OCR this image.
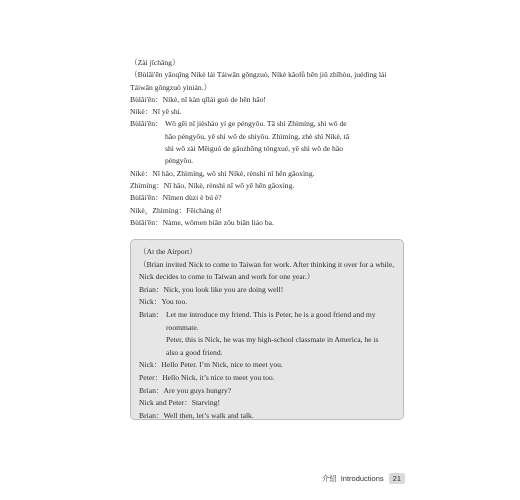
（Zài jīchǎng）
（Bùlǎi'ēn yāoqǐng Níkè lái Táiwān gōngzuò, Níkè kǎolǜ hěn jiǔ zhīhòu, juédìng lái Táiwān gōngzuò yìnián.）
Bùlǎi'ēn： Níkè, nǐ kàn qǐlái guò de hěn hǎo!
Níkè： Nǐ yě shì.
Bùlǎi'ēn： Wǒ gěi nǐ jièshào yí ge péngyǒu. Tā shì Zhìmíng, shì wǒ de
hǎo péngyǒu, yě shì wǒ de shìyǒu. Zhìmíng, zhè shì Níkè, tā
shì wǒ zài Měiguó de gāozhōng tóngxué, yě shì wǒ de hǎo
péngyǒu.
Níkè： Nǐ hǎo, Zhìmíng, wǒ shì Níkè, rènshì nǐ hěn gāoxìng.
Zhìmíng： Nǐ hǎo, Níkè, rènshì nǐ wǒ yě hěn gāoxìng.
Bùlǎi'ēn： Nǐmen dùzi è bú è?
Níkè，Zhìmíng： Fēicháng è!
Bùlǎi'ēn： Nàme, wǒmen biān zǒu biān liáo ba.
（At the Airport）
（Brian invited Nick to come to Taiwan for work. After thinking it over for a while, Nick decides to come to Taiwan and work for one year.）
Brian： Nick, you look like you are doing well!
Nick： You too.
Brian： Let me introduce my friend. This is Peter, he is a good friend and my
roommate.
Peter, this is Nick, he was my high-school classmate in America, he is
also a good friend.
Nick： Hello Peter. I’m Nick, nice to meet you.
Peter： Hello Nick, it’s nice to meet you too.
Brian： Are you guys hungry?
Nick and Peter： Starving!
Brian： Well then, let’s walk and talk.
介紹 Introductions	21
